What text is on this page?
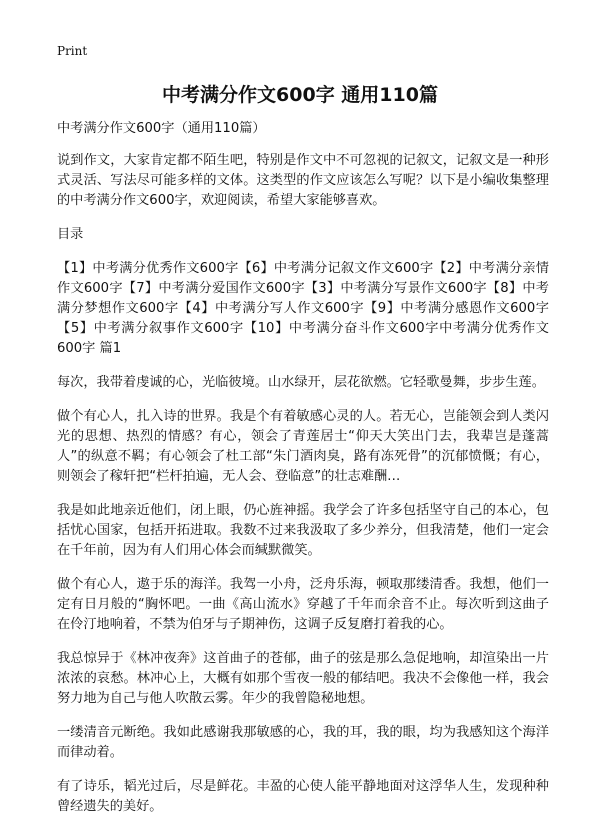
Print
中考满分作文600字 通用110篇

中考满分作文600字（通用110篇）

说到作文，大家肯定都不陌生吧，特别是作文中不可忽视的记叙文，记叙文是一种形式灵活、写法尽可能多样的文体。这类型的作文应该怎么写呢？以下是小编收集整理的中考满分作文600字，欢迎阅读，希望大家能够喜欢。

目录

【1】中考满分优秀作文600字【6】中考满分记叙文作文600字【2】中考满分亲情作文600字【7】中考满分爱国作文600字【3】中考满分写景作文600字【8】中考满分梦想作文600字【4】中考满分写人作文600字【9】中考满分感恩作文600字【5】中考满分叙事作文600字【10】中考满分奋斗作文600字中考满分优秀作文600字 篇1

每次，我带着虔诚的心，光临彼境。山水绿开，层花欲燃。它轻歌曼舞，步步生莲。

做个有心人，扎入诗的世界。我是个有着敏感心灵的人。若无心，岂能领会到人类闪光的思想、热烈的情感？有心，领会了青莲居士“仰天大笑出门去，我辈岂是蓬蒿人”的纵意不羁；有心领会了杜工部“朱门酒肉臭，路有冻死骨”的沉郁愤慨；有心，则领会了稼轩把“栏杆拍遍，无人会、登临意”的壮志难酬…

我是如此地亲近他们，闭上眼，仍心旌神摇。我学会了许多包括坚守自己的本心，包括忧心国家，包括开拓进取。我数不过来我汲取了多少养分，但我清楚，他们一定会在千年前，因为有人们用心体会而缄默微笑。

做个有心人，遨于乐的海洋。我驾一小舟，泛舟乐海，顿取那缕清香。我想，他们一定有日月般的“胸怀吧。一曲《高山流水》穿越了千年而余音不止。每次听到这曲子在伶汀地响着，不禁为伯牙与子期神伤，这调子反复磨打着我的心。

我总惊异于《林冲夜奔》这首曲子的苍郁，曲子的弦是那么急促地响，却渲染出一片浓浓的哀愁。林冲心上，大概有如那个雪夜一般的郁结吧。我决不会像他一样，我会努力地为自己与他人吹散云雾。年少的我曾隐秘地想。

一缕清音元断绝。我如此感谢我那敏感的心，我的耳，我的眼，均为我感知这个海洋而律动着。

有了诗乐，韬光过后，尽是鲜花。丰盈的心使人能平静地面对这浮华人生，发现种种曾经遗失的美好。
